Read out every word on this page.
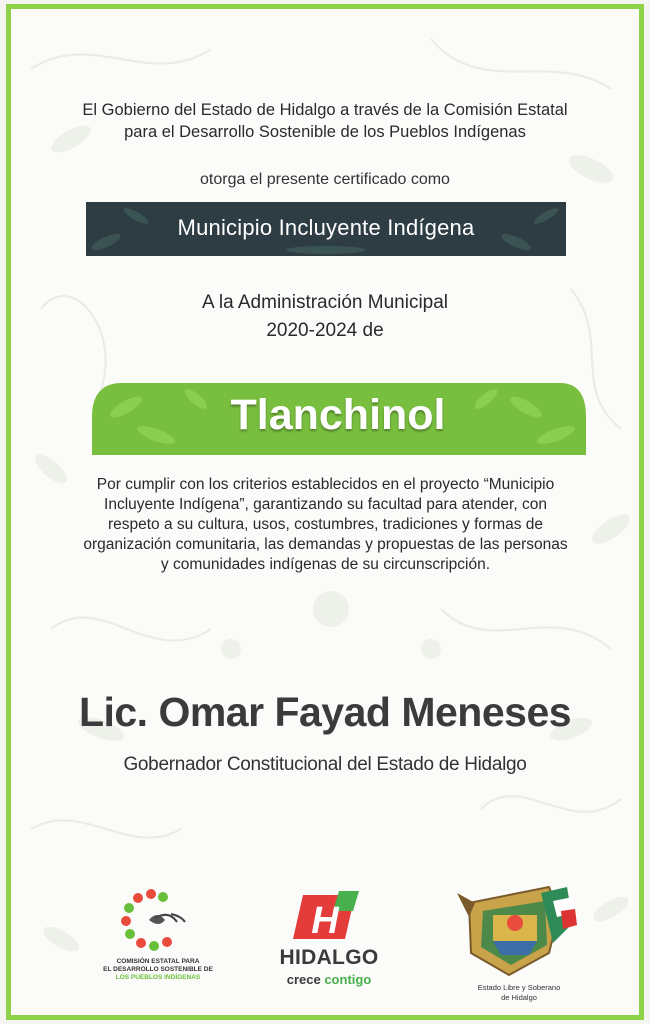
El Gobierno del Estado de Hidalgo a través de la Comisión Estatal
para el Desarrollo Sostenible de los Pueblos Indígenas
otorga el presente certificado como
Municipio Incluyente Indígena
A la Administración Municipal
2020-2024 de
Tlanchinol
Por cumplir con los criterios establecidos en el proyecto “Municipio
Incluyente Indígena”, garantizando su facultad para atender, con
respeto a su cultura, usos, costumbres, tradiciones y formas de
organización comunitaria, las demandas y propuestas de las personas
y comunidades indígenas de su circunscripción.
Lic. Omar Fayad Meneses
Gobernador Constitucional del Estado de Hidalgo
COMISIÓN ESTATAL PARA
EL DESARROLLO SOSTENIBLE DE
LOS PUEBLOS INDÍGENAS
H
HIDALGO
crece contigo
Estado Libre y Soberano
de Hidalgo
